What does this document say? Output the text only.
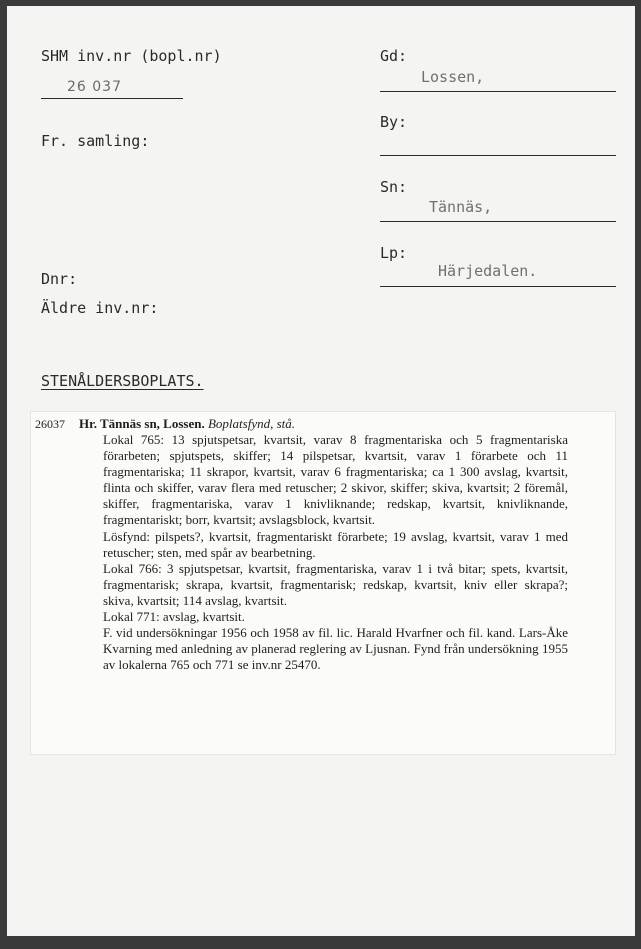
SHM inv.nr (bopl.nr)
26 037
Fr. samling:
Dnr:
Äldre inv.nr:
STENÅLDERSBOPLATS.
Gd:
Lossen,
By:
Sn:
Tännäs,
Lp:
Härjedalen.
26037	Hr. Tännäs sn, Lossen. Boplatsfynd, stå.

Lokal 765: 13 spjutspetsar, kvartsit, varav 8 fragmentariska och 5 fragmentariska förarbeten; spjutspets, skiffer; 14 pilspetsar, kvartsit, varav 1 förarbete och 11 fragmentariska; 11 skrapor, kvartsit, varav 6 fragmentariska; ca 1 300 avslag, kvartsit, flinta och skiffer, varav flera med retuscher; 2 skivor, skiffer; skiva, kvartsit; 2 föremål, skiffer, fragmentariska, varav 1 knivliknande; redskap, kvartsit, knivliknande, fragmentariskt; borr, kvartsit; avslagsblock, kvartsit.

Lösfynd: pilspets?, kvartsit, fragmentariskt förarbete; 19 avslag, kvartsit, varav 1 med retuscher; sten, med spår av bearbetning.

Lokal 766: 3 spjutspetsar, kvartsit, fragmentariska, varav 1 i två bitar; spets, kvartsit, fragmentarisk; skrapa, kvartsit, fragmentarisk; redskap, kvartsit, kniv eller skrapa?; skiva, kvartsit; 114 avslag, kvartsit.

Lokal 771: avslag, kvartsit.

F. vid undersökningar 1956 och 1958 av fil. lic. Harald Hvarfner och fil. kand. Lars-Åke Kvarning med anledning av planerad reglering av Ljusnan. Fynd från undersökning 1955 av lokalerna 765 och 771 se inv.nr 25470.
